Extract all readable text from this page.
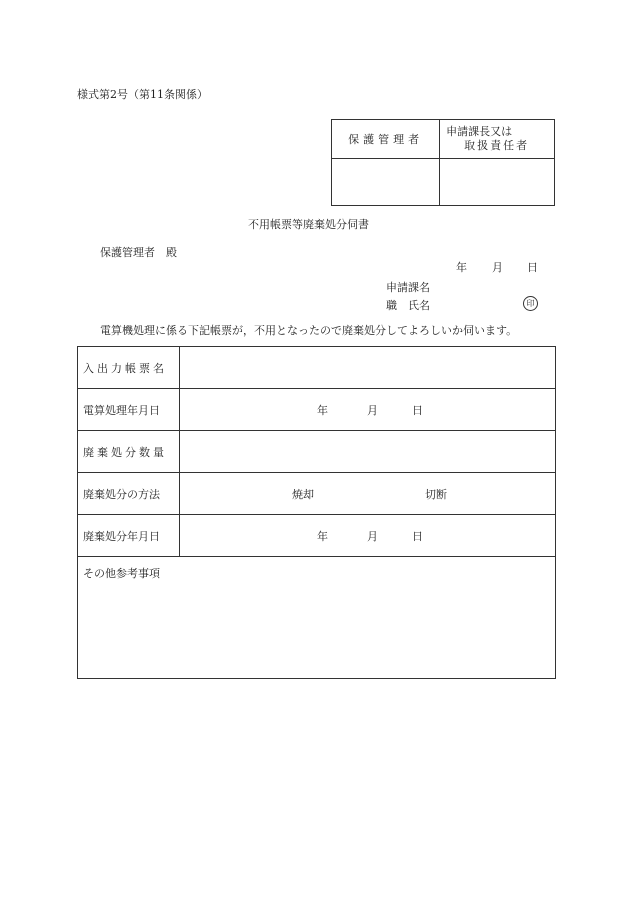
様式第2号（第11条関係）
保護管理者	申請課長又は
取扱責任者

不用帳票等廃棄処分伺書
保護管理者　殿
年 月 日
申請課名
職　氏名	印
電算機処理に係る下記帳票が，不用となったので廃棄処分してよろしいか伺います。
入出力帳票名	
電算処理年月日	年 月 日

廃棄処分数量	
廃棄処分の方法	焼却 切断

廃棄処分年月日	年 月 日

その他参考事項	
